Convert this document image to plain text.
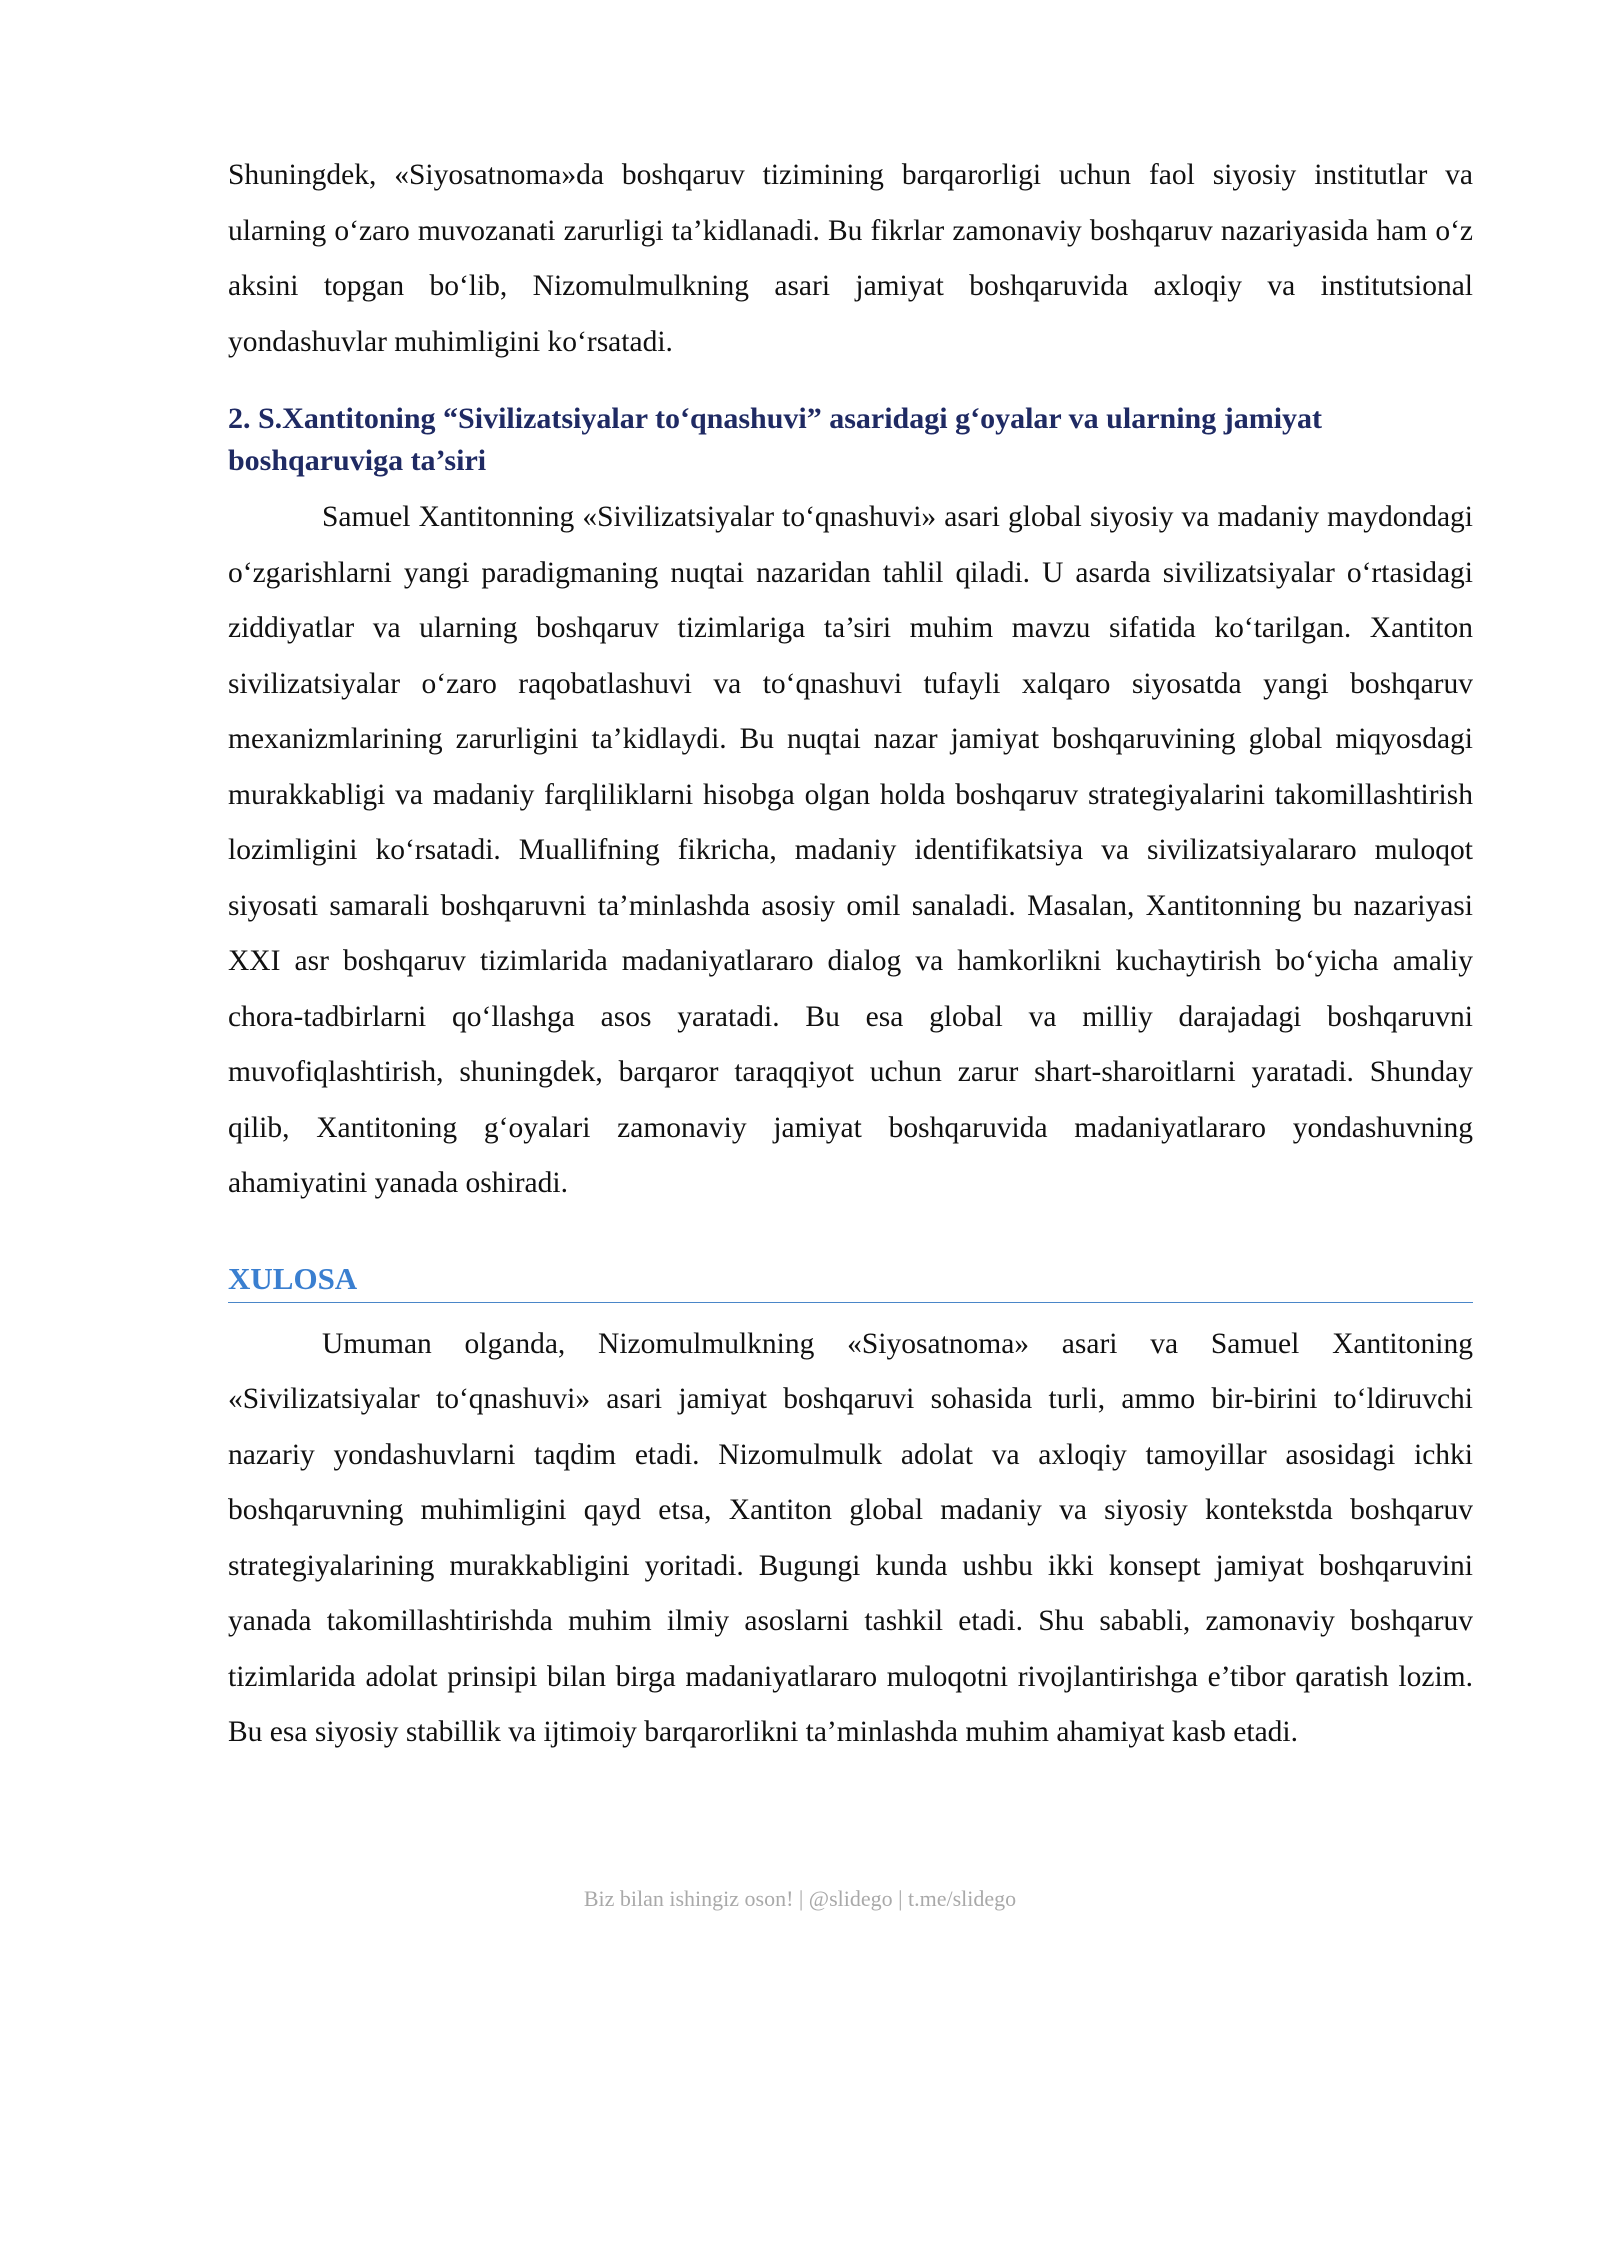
Shuningdek, «Siyosatnoma»da boshqaruv tizimining barqarorligi uchun faol siyosiy institutlar va ularning o‘zaro muvozanati zarurligi ta’kidlanadi. Bu fikrlar zamonaviy boshqaruv nazariyasida ham o‘z aksini topgan bo‘lib, Nizomulmulkning asari jamiyat boshqaruvida axloqiy va institutsional yondashuvlar muhimligini ko‘rsatadi.

2. S.Xantitoning “Sivilizatsiyalar to‘qnashuvi” asaridagi g‘oyalar va ularning jamiyat boshqaruviga ta’siri

Samuel Xantitonning «Sivilizatsiyalar to‘qnashuvi» asari global siyosiy va madaniy maydondagi o‘zgarishlarni yangi paradigmaning nuqtai nazaridan tahlil qiladi. U asarda sivilizatsiyalar o‘rtasidagi ziddiyatlar va ularning boshqaruv tizimlariga ta’siri muhim mavzu sifatida ko‘tarilgan. Xantiton sivilizatsiyalar o‘zaro raqobatlashuvi va to‘qnashuvi tufayli xalqaro siyosatda yangi boshqaruv mexanizmlarining zarurligini ta’kidlaydi. Bu nuqtai nazar jamiyat boshqaruvining global miqyosdagi murakkabligi va madaniy farqliliklarni hisobga olgan holda boshqaruv strategiyalarini takomillashtirish lozimligini ko‘rsatadi. Muallifning fikricha, madaniy identifikatsiya va sivilizatsiyalararo muloqot siyosati samarali boshqaruvni ta’minlashda asosiy omil sanaladi. Masalan, Xantitonning bu nazariyasi XXI asr boshqaruv tizimlarida madaniyatlararo dialog va hamkorlikni kuchaytirish bo‘yicha amaliy chora-tadbirlarni qo‘llashga asos yaratadi. Bu esa global va milliy darajadagi boshqaruvni muvofiqlashtirish, shuningdek, barqaror taraqqiyot uchun zarur shart-sharoitlarni yaratadi. Shunday qilib, Xantitoning g‘oyalari zamonaviy jamiyat boshqaruvida madaniyatlararo yondashuvning ahamiyatini yanada oshiradi.

XULOSA

Umuman olganda, Nizomulmulkning «Siyosatnoma» asari va Samuel Xantitoning «Sivilizatsiyalar to‘qnashuvi» asari jamiyat boshqaruvi sohasida turli, ammo bir-birini to‘ldiruvchi nazariy yondashuvlarni taqdim etadi. Nizomulmulk adolat va axloqiy tamoyillar asosidagi ichki boshqaruvning muhimligini qayd etsa, Xantiton global madaniy va siyosiy kontekstda boshqaruv strategiyalarining murakkabligini yoritadi. Bugungi kunda ushbu ikki konsept jamiyat boshqaruvini yanada takomillashtirishda muhim ilmiy asoslarni tashkil etadi. Shu sababli, zamonaviy boshqaruv tizimlarida adolat prinsipi bilan birga madaniyatlararo muloqotni rivojlantirishga e’tibor qaratish lozim. Bu esa siyosiy stabillik va ijtimoiy barqarorlikni ta’minlashda muhim ahamiyat kasb etadi.

Biz bilan ishingiz oson! | @slidego | t.me/slidego
